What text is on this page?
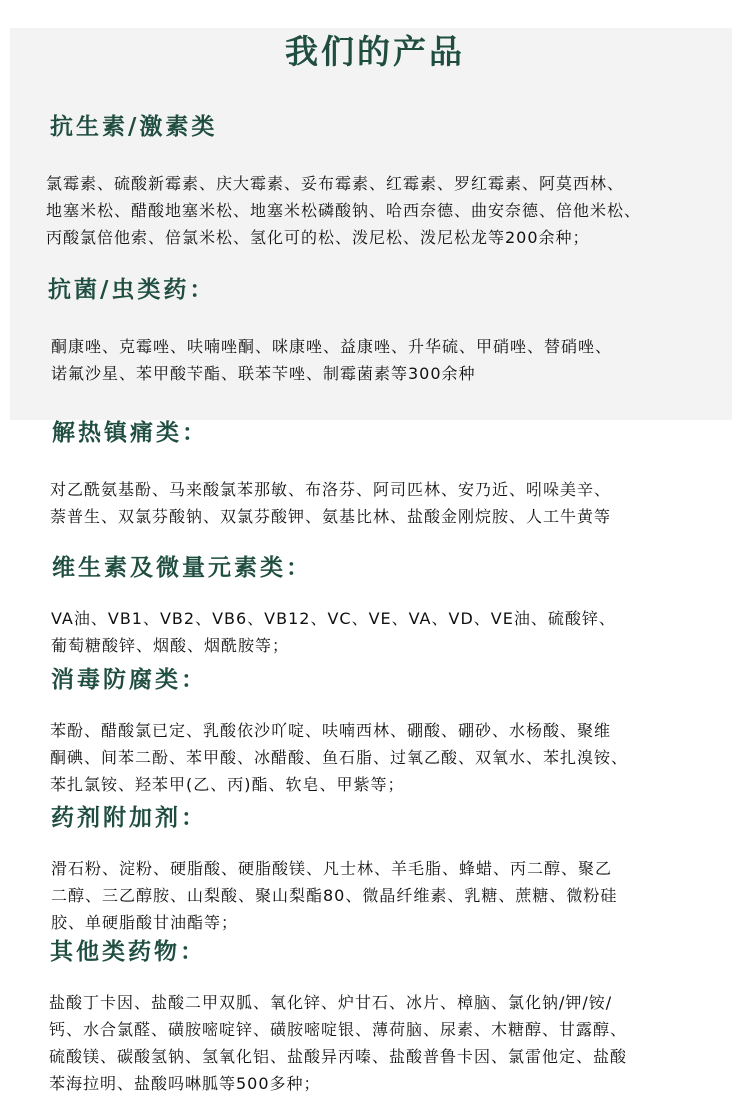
我们的产品
抗生素/激素类
氯霉素、硫酸新霉素、庆大霉素、妥布霉素、红霉素、罗红霉素、阿莫西林、
地塞米松、醋酸地塞米松、地塞米松磷酸钠、哈西奈德、曲安奈德、倍他米松、
丙酸氯倍他索、倍氯米松、氢化可的松、泼尼松、泼尼松龙等200余种；
抗菌/虫类药：
酮康唑、克霉唑、呋喃唑酮、咪康唑、益康唑、升华硫、甲硝唑、替硝唑、
诺氟沙星、苯甲酸苄酯、联苯苄唑、制霉菌素等300余种
解热镇痛类：
对乙酰氨基酚、马来酸氯苯那敏、布洛芬、阿司匹林、安乃近、吲哚美辛、
萘普生、双氯芬酸钠、双氯芬酸钾、氨基比林、盐酸金刚烷胺、人工牛黄等
维生素及微量元素类：
VA油、VB1、VB2、VB6、VB12、VC、VE、VA、VD、VE油、硫酸锌、
葡萄糖酸锌、烟酸、烟酰胺等；
消毒防腐类：
苯酚、醋酸氯已定、乳酸依沙吖啶、呋喃西林、硼酸、硼砂、水杨酸、聚维
酮碘、间苯二酚、苯甲酸、冰醋酸、鱼石脂、过氧乙酸、双氧水、苯扎溴铵、
苯扎氯铵、羟苯甲(乙、丙)酯、软皂、甲紫等；
药剂附加剂：
滑石粉、淀粉、硬脂酸、硬脂酸镁、凡士林、羊毛脂、蜂蜡、丙二醇、聚乙
二醇、三乙醇胺、山梨酸、聚山梨酯80、微晶纤维素、乳糖、蔗糖、微粉硅
胶、单硬脂酸甘油酯等；
其他类药物：
盐酸丁卡因、盐酸二甲双胍、氧化锌、炉甘石、冰片、樟脑、氯化钠/钾/铵/
钙、水合氯醛、磺胺嘧啶锌、磺胺嘧啶银、薄荷脑、尿素、木糖醇、甘露醇、
硫酸镁、碳酸氢钠、氢氧化铝、盐酸异丙嗪、盐酸普鲁卡因、氯雷他定、盐酸
苯海拉明、盐酸吗啉胍等500多种；
